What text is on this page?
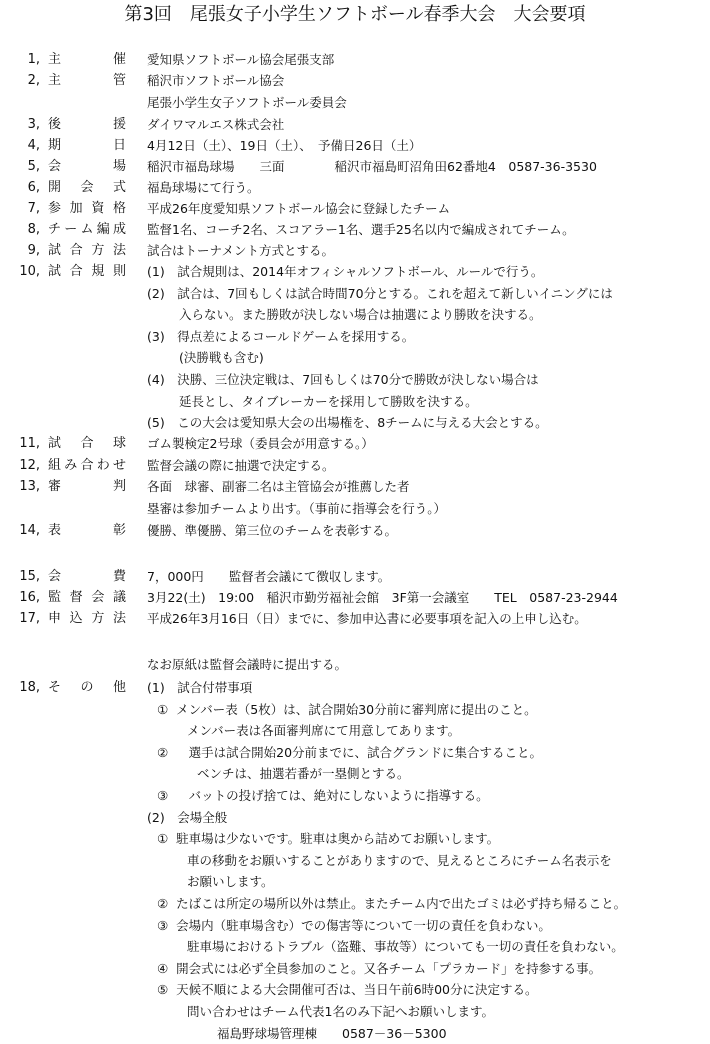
第3回　尾張女子小学生ソフトボール春季大会　大会要項
1, 主	催 愛知県ソフトボール協会尾張支部
2, 主	管 稲沢市ソフトボール協会
尾張小学生女子ソフトボール委員会
3, 後	援 ダイワマルエス株式会社
4, 期	日 4月12日（土）、19日（土）、　予備日26日（土）
5, 会	場 稲沢市福島球場　　三面　　　　稲沢市福島町沼角田62番地4　0587-36-3530
6, 開 会 式 福島球場にて行う。
7, 参 加 資 格 平成26年度愛知県ソフトボール協会に登録したチーム
8, チ ー ム 編 成 監督1名、コーチ2名、スコアラー1名、選手25名以内で編成されてチーム。
9, 試 合 方 法 試合はトーナメント方式とする。
10, 試 合 規 則 (1)　試合規則は、2014年オフィシャルソフトボール、ルールで行う。
(2)　試合は、7回もしくは試合時間70分とする。これを超えて新しいイニングには
入らない。また勝敗が決しない場合は抽選により勝敗を決する。
(3)　得点差によるコールドゲームを採用する。
(決勝戦も含む)
(4)　決勝、三位決定戦は、7回もしくは70分で勝敗が決しない場合は
延長とし、タイブレーカーを採用して勝敗を決する。
(5)　この大会は愛知県大会の出場権を、8チームに与える大会とする。
11, 試 合 球 ゴム製検定2号球（委員会が用意する。）
12, 組 み 合 わ せ 監督会議の際に抽選で決定する。
13, 審	判 各面　球審、副審二名は主管協会が推薦した者
塁審は参加チームより出す。（事前に指導会を行う。）
14, 表	彰 優勝、準優勝、第三位のチームを表彰する。
15, 会	費 7，000円　　監督者会議にて徴収します。
16, 監 督 会 議 3月22(土)　19:00　稲沢市勤労福祉会館　3F第一会議室　　TEL　0587-23-2944
17, 申 込 方 法 平成26年3月16日（日）までに、参加申込書に必要事項を記入の上申し込む。
なお原紙は監督会議時に提出する。
18, そ の 他 (1)　試合付帯事項
①  メンバー表（5枚）は、試合開始30分前に審判席に提出のこと。
メンバー表は各面審判席にて用意してあります。
②　  選手は試合開始20分前までに、試合グランドに集合すること。
ベンチは、抽選若番が一塁側とする。
③　  バットの投げ捨ては、絶対にしないように指導する。
(2)　会場全般
①  駐車場は少ないです。駐車は奥から詰めてお願いします。
車の移動をお願いすることがありますので、見えるところにチーム名表示を
お願いします。
②  たばこは所定の場所以外は禁止。またチーム内で出たゴミは必ず持ち帰ること。
③  会場内（駐車場含む）での傷害等について一切の責任を負わない。
駐車場におけるトラブル（盗難、事故等）についても一切の責任を負わない。
④  開会式には必ず全員参加のこと。又各チーム「プラカード」を持参する事。
⑤  天候不順による大会開催可否は、当日午前6時00分に決定する。
問い合わせはチーム代表1名のみ下記へお願いします。
福島野球場管理棟　　0587－36－5300
